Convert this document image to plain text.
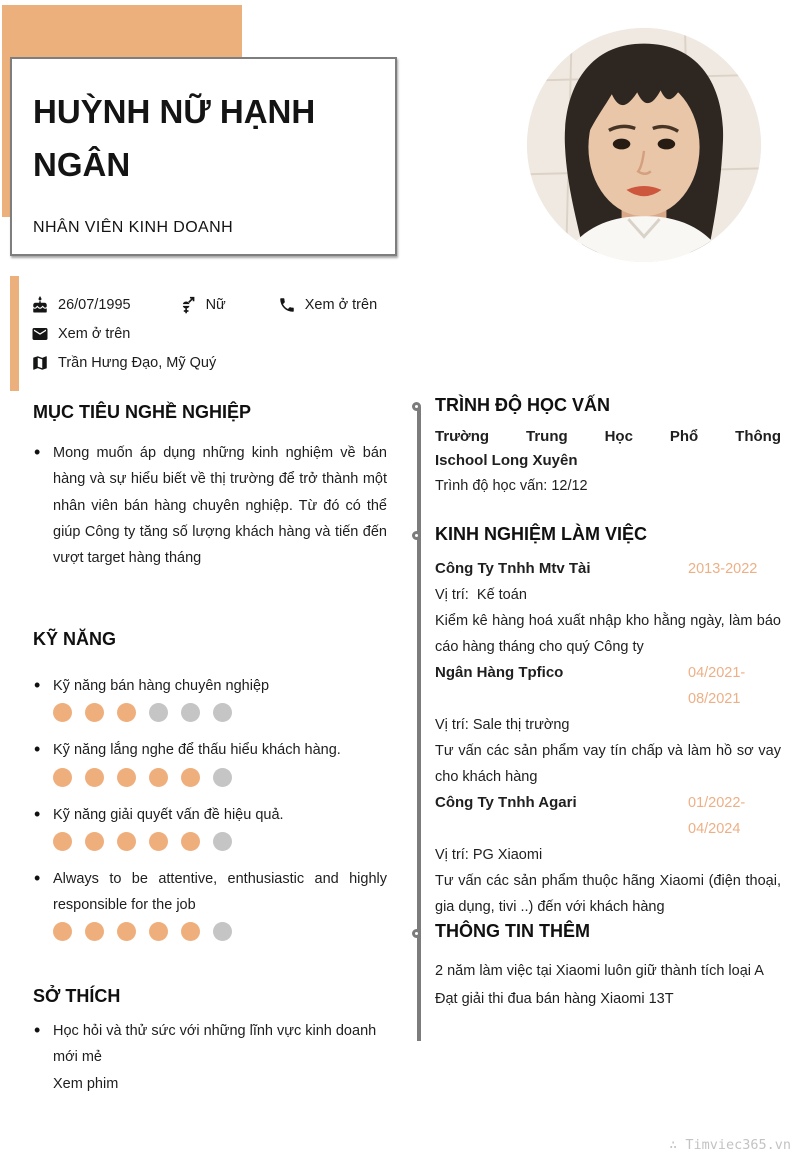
HUỲNH NỮ HẠNH NGÂN
NHÂN VIÊN KINH DOANH
26/07/1995	Nữ	Xem ở trên
Xem ở trên
Trần Hưng Đạo, Mỹ Quý
MỤC TIÊU NGHỀ NGHIỆP
• Mong muốn áp dụng những kinh nghiệm về bán hàng và sự hiểu biết về thị trường để trở thành một nhân viên bán hàng chuyên nghiệp. Từ đó có thể giúp Công ty tăng số lượng khách hàng và tiến đến vượt target hàng tháng
KỸ NĂNG
• Kỹ năng bán hàng chuyên nghiệp
• Kỹ năng lắng nghe để thấu hiểu khách hàng.
• Kỹ năng giải quyết vấn đề hiệu quả.
• Always to be attentive, enthusiastic and highly responsible for the job
SỞ THÍCH
• Học hỏi và thử sức với những lĩnh vực kinh doanh mới mẻ
Xem phim
TRÌNH ĐỘ HỌC VẤN
Trường Trung Học Phổ Thông
Ischool Long Xuyên
Trình độ học vấn: 12/12
KINH NGHIỆM LÀM VIỆC
Công Ty Tnhh Mtv Tài	2013-2022
Vị trí:  Kế toán
Kiểm kê hàng hoá xuất nhập kho hằng ngày, làm báo cáo hàng tháng cho quý Công ty
Ngân Hàng Tpfico	04/2021- 08/2021
Vị trí: Sale thị trường
Tư vấn các sản phẩm vay tín chấp và làm hồ sơ vay cho khách hàng
Công Ty Tnhh Agari	01/2022- 04/2024
Vị trí: PG Xiaomi
Tư vấn các sản phẩm thuộc hãng Xiaomi (điện thoại, gia dụng, tivi ..) đến với khách hàng
THÔNG TIN THÊM
2 năm làm việc tại Xiaomi luôn giữ thành tích loại A
Đạt giải thi đua bán hàng Xiaomi 13T
∴ Timviec365.vn
